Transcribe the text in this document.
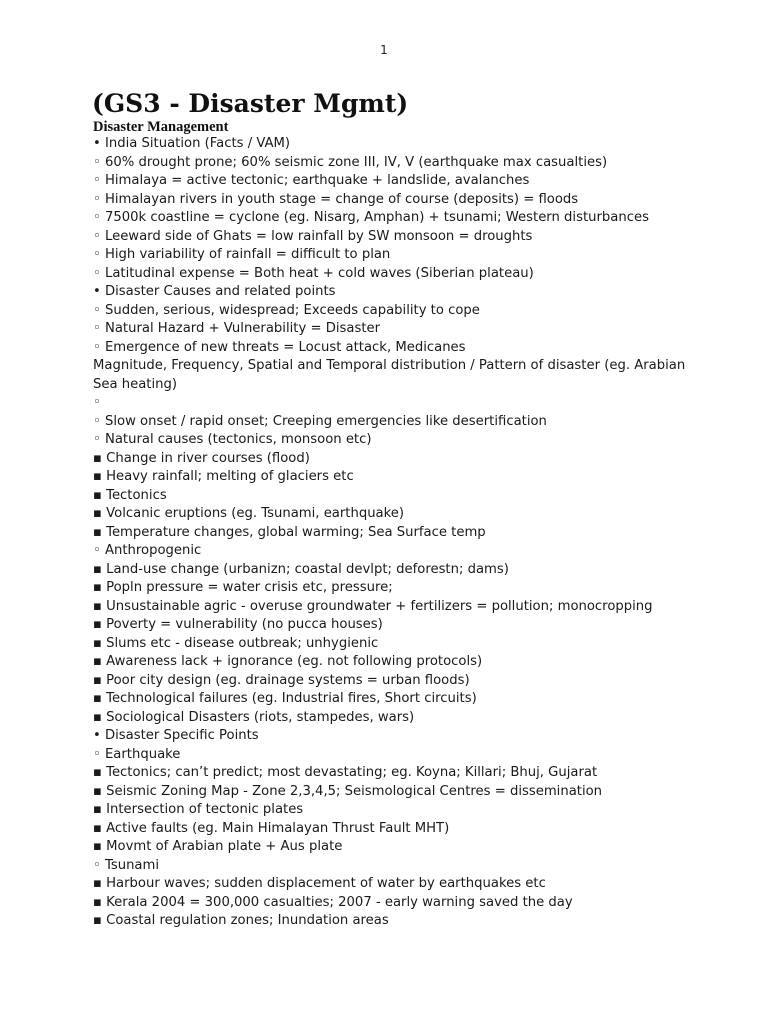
1
(GS3 - Disaster Mgmt)
Disaster Management
• India Situation (Facts / VAM)
◦ 60% drought prone; 60% seismic zone III, IV, V (earthquake max casualties)
◦ Himalaya = active tectonic; earthquake + landslide, avalanches
◦ Himalayan rivers in youth stage = change of course (deposits) = floods
◦ 7500k coastline = cyclone (eg. Nisarg, Amphan) + tsunami; Western disturbances
◦ Leeward side of Ghats = low rainfall by SW monsoon = droughts
◦ High variability of rainfall = difficult to plan
◦ Latitudinal expense = Both heat + cold waves (Siberian plateau)
• Disaster Causes and related points
◦ Sudden, serious, widespread; Exceeds capability to cope
◦ Natural Hazard + Vulnerability = Disaster
◦ Emergence of new threats = Locust attack, Medicanes
Magnitude, Frequency, Spatial and Temporal distribution / Pattern of disaster (eg. Arabian Sea heating)
◦
◦ Slow onset / rapid onset; Creeping emergencies like desertification
◦ Natural causes (tectonics, monsoon etc)
▪ Change in river courses (flood)
▪ Heavy rainfall; melting of glaciers etc
▪ Tectonics
▪ Volcanic eruptions (eg. Tsunami, earthquake)
▪ Temperature changes, global warming; Sea Surface temp
◦ Anthropogenic
▪ Land-use change (urbanizn; coastal devlpt; deforestn; dams)
▪ Popln pressure = water crisis etc, pressure;
▪ Unsustainable agric - overuse groundwater + fertilizers = pollution; monocropping
▪ Poverty = vulnerability (no pucca houses)
▪ Slums etc - disease outbreak; unhygienic
▪ Awareness lack + ignorance (eg. not following protocols)
▪ Poor city design (eg. drainage systems = urban floods)
▪ Technological failures (eg. Industrial fires, Short circuits)
▪ Sociological Disasters (riots, stampedes, wars)
• Disaster Specific Points
◦ Earthquake
▪ Tectonics; can’t predict; most devastating; eg. Koyna; Killari; Bhuj, Gujarat
▪ Seismic Zoning Map - Zone 2,3,4,5; Seismological Centres = dissemination
▪ Intersection of tectonic plates
▪ Active faults (eg. Main Himalayan Thrust Fault MHT)
▪ Movmt of Arabian plate + Aus plate
◦ Tsunami
▪ Harbour waves; sudden displacement of water by earthquakes etc
▪ Kerala 2004 = 300,000 casualties; 2007 - early warning saved the day
▪ Coastal regulation zones; Inundation areas
